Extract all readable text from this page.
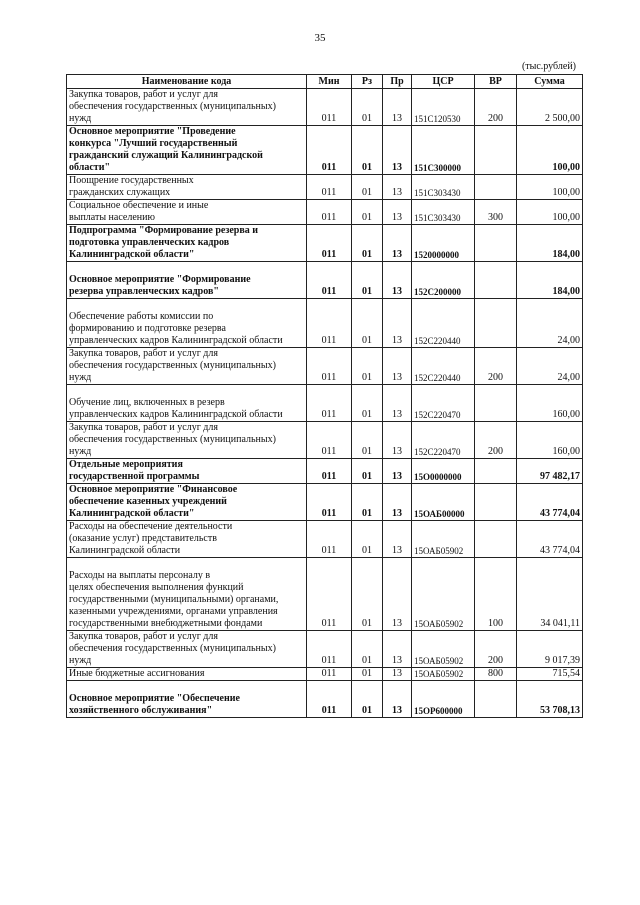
35
(тыс.рублей)
Наименование кода	Мин	Рз	Пр	ЦСР	ВР	Сумма
Закупка товаров, работ и услуг для
обеспечения государственных (муниципальных)
нужд	011	01	13	151С120530	200	2 500,00
Основное мероприятие "Проведение
конкурса "Лучший государственный
гражданский служащий Калининградской
области"	011	01	13	151С300000		100,00
Поощрение государственных
гражданских служащих	011	01	13	151С303430		100,00
Социальное обеспечение и иные
выплаты населению	011	01	13	151С303430	300	100,00
Подпрограмма "Формирование резерва и
подготовка управленческих кадров
Калининградской области"	011	01	13	1520000000		184,00

Основное мероприятие "Формирование
резерва управленческих кадров"	011	01	13	152С200000		184,00

Обеспечение работы комиссии по
формированию и подготовке резерва
управленческих кадров Калининградской области	011	01	13	152С220440		24,00
Закупка товаров, работ и услуг для
обеспечения государственных (муниципальных)
нужд	011	01	13	152С220440	200	24,00

Обучение лиц, включенных в резерв
управленческих кадров Калининградской области	011	01	13	152С220470		160,00
Закупка товаров, работ и услуг для
обеспечения государственных (муниципальных)
нужд	011	01	13	152С220470	200	160,00
Отдельные мероприятия
государственной программы	011	01	13	15О0000000		97 482,17
Основное мероприятие "Финансовое
обеспечение казенных учреждений
Калининградской области"	011	01	13	15ОАБ00000		43 774,04
Расходы на обеспечение деятельности
(оказание услуг) представительств
Калининградской области	011	01	13	15ОАБ05902		43 774,04

Расходы на выплаты персоналу в
целях обеспечения выполнения функций
государственными (муниципальными) органами,
казенными учреждениями, органами управления
государственными внебюджетными фондами	011	01	13	15ОАБ05902	100	34 041,11
Закупка товаров, работ и услуг для
обеспечения государственных (муниципальных)
нужд	011	01	13	15ОАБ05902	200	9 017,39
Иные бюджетные ассигнования	011	01	13	15ОАБ05902	800	715,54

Основное мероприятие "Обеспечение
хозяйственного обслуживания"	011	01	13	15ОР600000		53 708,13
